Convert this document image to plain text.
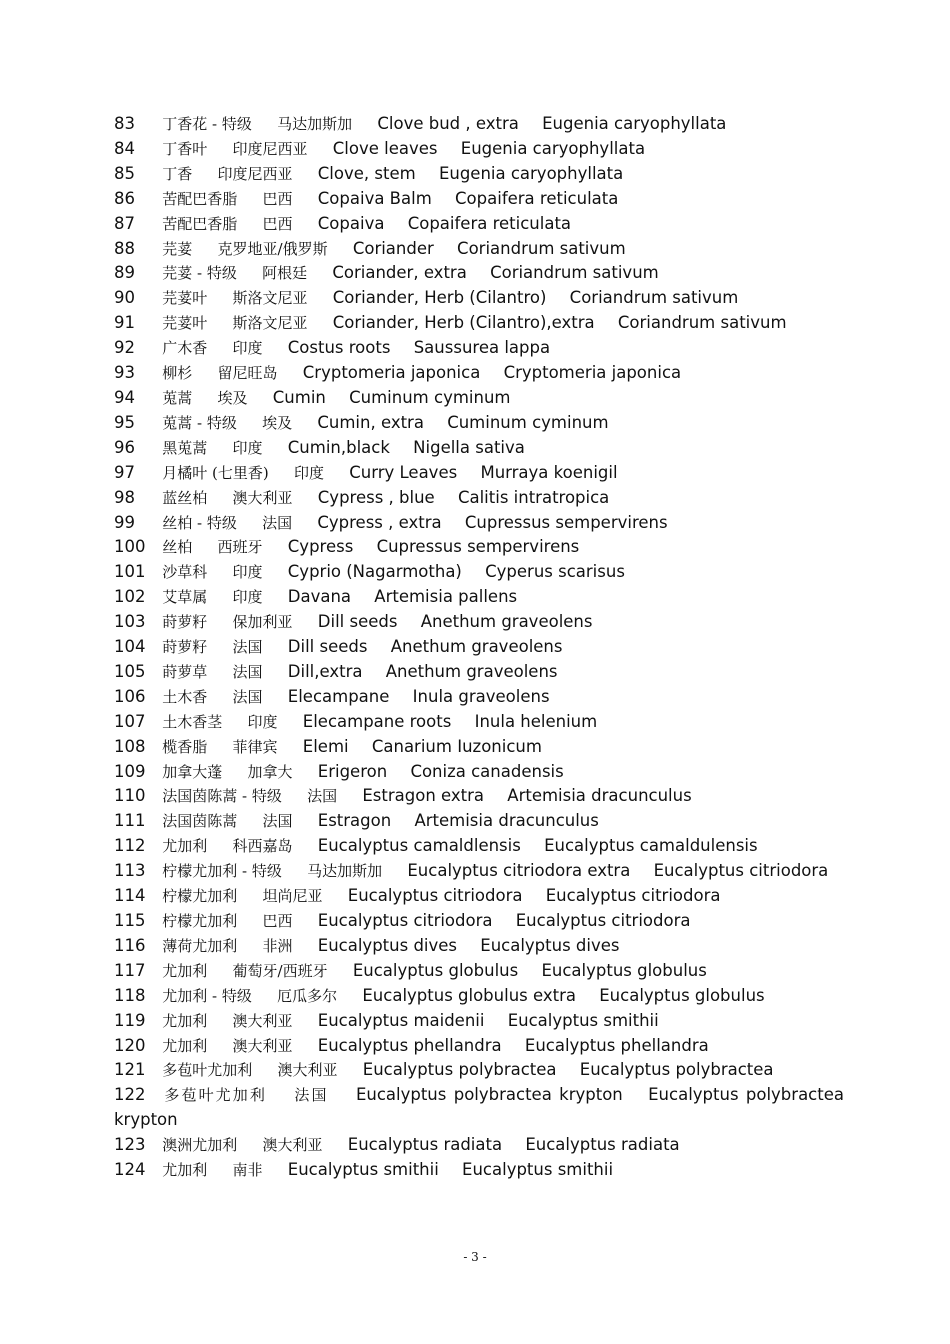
83 丁香花 - 特级 马达加斯加 Clove bud , extra Eugenia caryophyllata
84 丁香叶 印度尼西亚 Clove leaves Eugenia caryophyllata
85 丁香 印度尼西亚 Clove, stem Eugenia caryophyllata
86 苦配巴香脂 巴西 Copaiva Balm Copaifera reticulata
87 苦配巴香脂 巴西 Copaiva Copaifera reticulata
88 芫荽 克罗地亚/俄罗斯 Coriander Coriandrum sativum
89 芫荽 - 特级 阿根廷 Coriander, extra Coriandrum sativum
90 芫荽叶 斯洛文尼亚 Coriander, Herb (Cilantro) Coriandrum sativum
91 芫荽叶 斯洛文尼亚 Coriander, Herb (Cilantro),extra Coriandrum sativum
92 广木香 印度 Costus roots Saussurea lappa
93 柳杉 留尼旺岛 Cryptomeria japonica Cryptomeria japonica
94 莵蒿 埃及 Cumin Cuminum cyminum
95 莵蒿 - 特级 埃及 Cumin, extra Cuminum cyminum
96 黑莵蒿 印度 Cumin,black Nigella sativa
97 月橘叶 (七里香) 印度 Curry Leaves Murraya koenigil
98 蓝丝柏 澳大利亚 Cypress , blue Calitis intratropica
99 丝柏 - 特级 法国 Cypress , extra Cupressus sempervirens
100 丝柏 西班牙 Cypress Cupressus sempervirens
101 沙草科 印度 Cyprio (Nagarmotha) Cyperus scarisus
102 艾草属 印度 Davana Artemisia pallens
103 莳萝籽 保加利亚 Dill seeds Anethum graveolens
104 莳萝籽 法国 Dill seeds Anethum graveolens
105 莳萝草 法国 Dill,extra Anethum graveolens
106 土木香 法国 Elecampane Inula graveolens
107 土木香茎 印度 Elecampane roots Inula helenium
108 榄香脂 菲律宾 Elemi Canarium Iuzonicum
109 加拿大蓬 加拿大 Erigeron Coniza canadensis
110 法国茵陈蒿 - 特级 法国 Estragon extra Artemisia dracunculus
111 法国茵陈蒿 法国 Estragon Artemisia dracunculus
112 尤加利 科西嘉岛 Eucalyptus camaldlensis Eucalyptus camaldulensis
113 柠檬尤加利 - 特级 马达加斯加 Eucalyptus citriodora extra Eucalyptus citriodora
114 柠檬尤加利 坦尚尼亚 Eucalyptus citriodora Eucalyptus citriodora
115 柠檬尤加利 巴西 Eucalyptus citriodora Eucalyptus citriodora
116 薄荷尤加利 非洲 Eucalyptus dives Eucalyptus dives
117 尤加利 葡萄牙/西班牙 Eucalyptus globulus Eucalyptus globulus
118 尤加利 - 特级 厄瓜多尔 Eucalyptus globulus extra Eucalyptus globulus
119 尤加利 澳大利亚 Eucalyptus maidenii Eucalyptus smithii
120 尤加利 澳大利亚 Eucalyptus phellandra Eucalyptus phellandra
121 多苞叶尤加利 澳大利亚 Eucalyptus polybractea Eucalyptus polybractea
122 多苞叶尤加利 法国 Eucalyptus polybractea krypton Eucalyptus polybractea krypton
123 澳洲尤加利 澳大利亚 Eucalyptus radiata Eucalyptus radiata
124 尤加利 南非 Eucalyptus smithii Eucalyptus smithii
- 3 -
